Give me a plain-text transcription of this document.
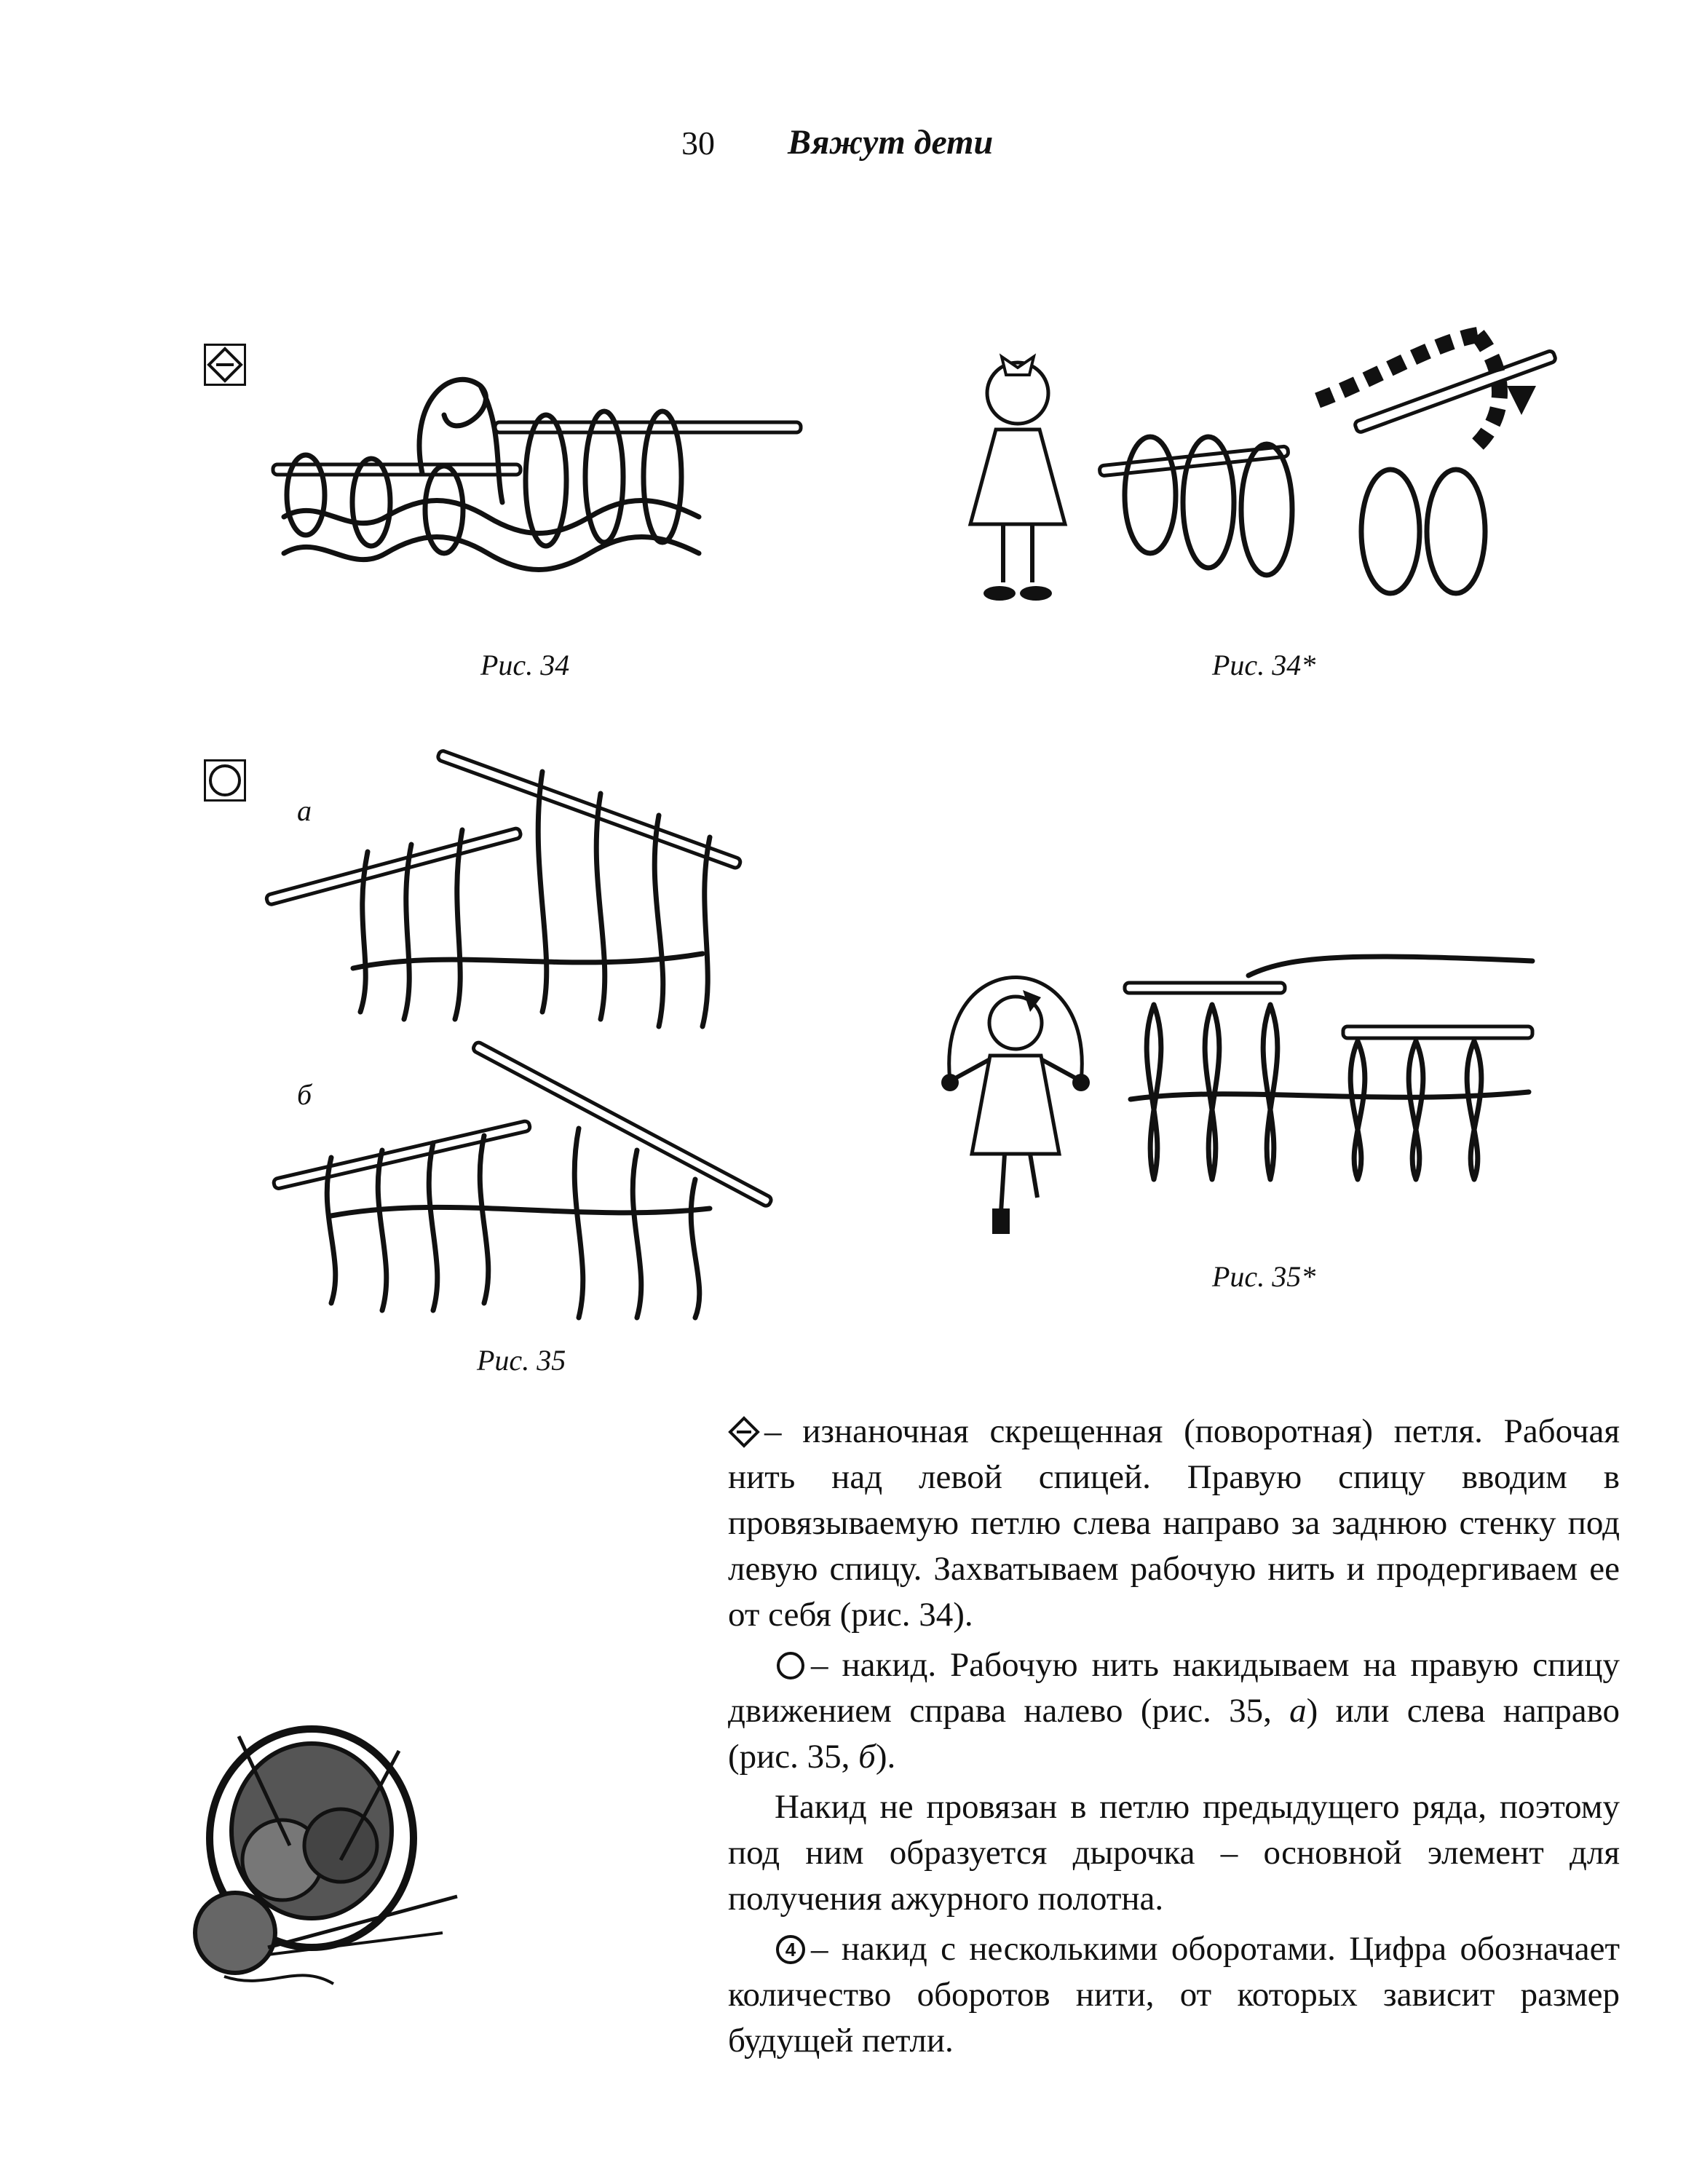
30 Вяжут дети
Рис. 34	Рис. 34*
а
б
Рис. 35
Рис. 35*

– изнаночная скрещенная (поворотная) петля. Рабочая нить над левой спицей. Правую спицу вводим в провязываемую петлю слева направо за заднюю стенку под левую спицу. Захватываем рабочую нить и продергиваем ее от себя (рис. 34).

– накид. Рабочую нить накидываем на правую спицу движением справа налево (рис. 35, а) или слева направо (рис. 35, б).

Накид не провязан в петлю предыдущего ряда, поэтому под ним образуется дырочка – основной элемент для получения ажурного полотна.

4 – накид с несколькими оборотами. Цифра обозначает количество оборотов нити, от которых зависит размер будущей петли.
